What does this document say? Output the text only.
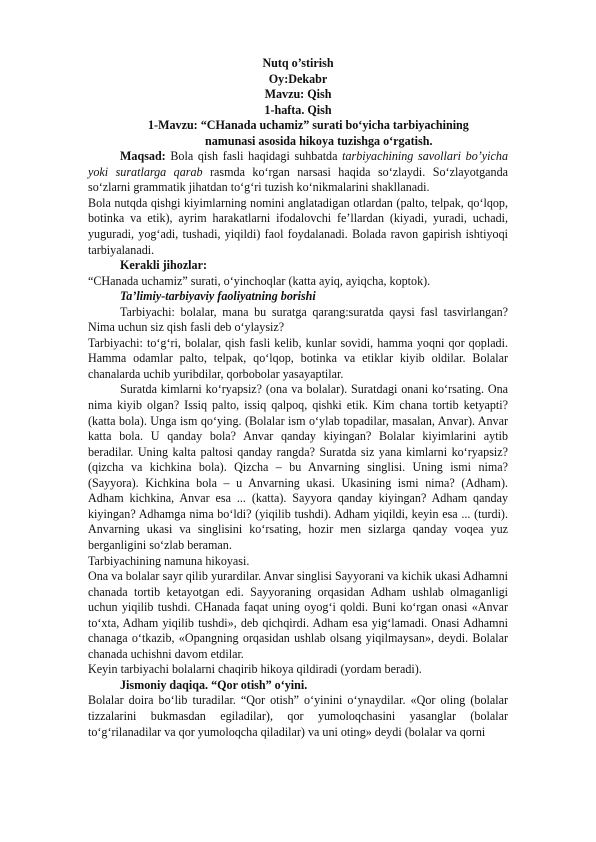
Nutq o’stirish
Oy:Dekabr
Mavzu: Qish
1-hafta. Qish
1-Mavzu: “CHanada uchamiz” surati bo‘yicha tarbiyachining
namunasi asosida hikoya tuzishga o‘rgatish.

Maqsad: Bola qish fasli haqidagi suhbatda tarbiyachining savollari bo’yicha yoki suratlarga qarab rasmda ko‘rgan narsasi haqida so‘zlaydi. So‘zlayotganda so‘zlarni grammatik jihatdan to‘g‘ri tuzish ko‘nikmalarini shakllanadi.

Bola nutqda qishgi kiyimlarning nomini anglatadigan otlardan (palto, telpak, qo‘lqop, botinka va etik), ayrim harakatlarni ifodalovchi fe’llardan (kiyadi, yuradi, uchadi, yuguradi, yog‘adi, tushadi, yiqildi) faol foydalanadi. Bolada ravon gapirish ishtiyoqi tarbiyalanadi.

Kerakli jihozlar:

“CHanada uchamiz” surati, o‘yinchoqlar (katta ayiq, ayiqcha, koptok).

Ta’limiy-tarbiyaviy faoliyatning borishi

Tarbiyachi: bolalar, mana bu suratga qarang:suratda qaysi fasl tasvirlangan? Nima uchun siz qish fasli deb o‘ylaysiz?

Tarbiyachi: to‘g‘ri, bolalar, qish fasli kelib, kunlar sovidi, hamma yoqni qor qopladi. Hamma odamlar palto, telpak, qo‘lqop, botinka va etiklar kiyib oldilar. Bolalar chanalarda uchib yuribdilar, qorbobolar yasayaptilar.

Suratda kimlarni ko‘ryapsiz? (ona va bolalar). Suratdagi onani ko‘rsating. Ona nima kiyib olgan? Issiq palto, issiq qalpoq, qishki etik. Kim chana tortib ketyapti? (katta bola). Unga ism qo‘ying. (Bolalar ism o‘ylab topadilar, masalan, Anvar). Anvar katta bola. U qanday bola? Anvar qanday kiyingan? Bolalar kiyimlarini aytib beradilar. Uning kalta paltosi qanday rangda? Suratda siz yana kimlarni ko‘ryapsiz? (qizcha va kichkina bola). Qizcha – bu Anvarning singlisi. Uning ismi nima? (Sayyora). Kichkina bola – u Anvarning ukasi. Ukasining ismi nima? (Adham). Adham kichkina, Anvar esa ... (katta). Sayyora qanday kiyingan? Adham qanday kiyingan? Adhamga nima bo‘ldi? (yiqilib tushdi). Adham yiqildi, keyin esa ... (turdi). Anvarning ukasi va singlisini ko‘rsating, hozir men sizlarga qanday voqea yuz berganligini so‘zlab beraman.

Tarbiyachining namuna hikoyasi.

Ona va bolalar sayr qilib yurardilar. Anvar singlisi Sayyorani va kichik ukasi Adhamni chanada tortib ketayotgan edi. Sayyoraning orqasidan Adham ushlab olmaganligi uchun yiqilib tushdi. CHanada faqat uning oyog‘i qoldi. Buni ko‘rgan onasi «Anvar to‘xta, Adham yiqilib tushdi», deb qichqirdi. Adham esa yig‘lamadi. Onasi Adhamni chanaga o‘tkazib, «Opangning orqasidan ushlab olsang yiqilmaysan», deydi. Bolalar chanada uchishni davom etdilar.

Keyin tarbiyachi bolalarni chaqirib hikoya qildiradi (yordam beradi).

Jismoniy daqiqa. “Qor otish” o‘yini.

Bolalar doira bo‘lib turadilar. “Qor otish” o‘yinini o‘ynaydilar. «Qor oling (bolalar tizzalarini bukmasdan egiladilar), qor yumoloqchasini yasanglar (bolalar to‘g‘rilanadilar va qor yumoloqcha qiladilar) va uni oting» deydi (bolalar va qorni
